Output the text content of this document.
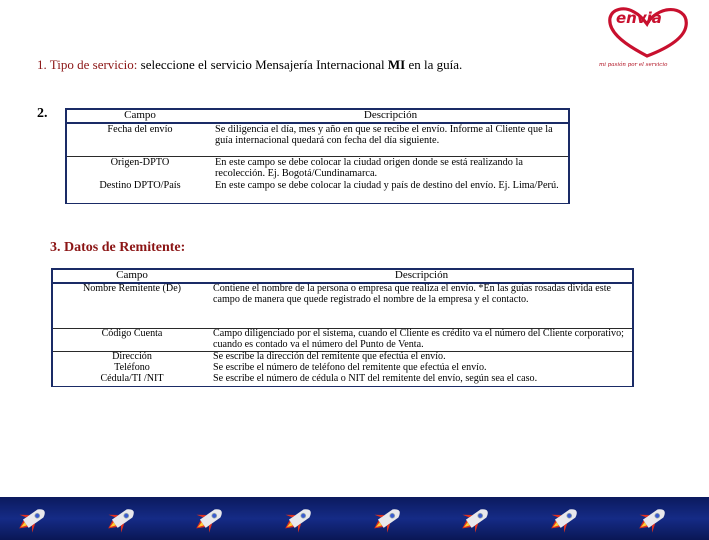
envia
mi pasión por el servicio
1. Tipo de servicio: seleccione el servicio Mensajería Internacional MI en la guía.
2.	Campo	Descripción
Fecha del envío	Se diligencia el día, mes y año en que se recibe el envío. Informe al Cliente que la guía internacional quedará con fecha del día siguiente.
Origen-DPTO	En este campo se debe colocar la ciudad origen donde se está realizando la recolección. Ej. Bogotá/Cundinamarca.
Destino DPTO/País	En este campo se debe colocar la ciudad y país de destino del envío. Ej. Lima/Perú.
3. Datos de Remitente:
Campo	Descripción
Nombre Remitente (De)	Contiene el nombre de la persona o empresa que realiza el envío. *En las guías rosadas divida este campo de manera que quede registrado el nombre de la empresa y el contacto.
Código Cuenta	Campo diligenciado por el sistema, cuando el Cliente es crédito va el número del Cliente corporativo; cuando es contado va el número del Punto de Venta.
Dirección	Se escribe la dirección del remitente que efectúa el envío.
Teléfono	Se escribe el número de teléfono del remitente que efectúa el envío.
Cédula/TI /NIT	Se escribe el número de cédula o NIT del remitente del envío, según sea el caso.
